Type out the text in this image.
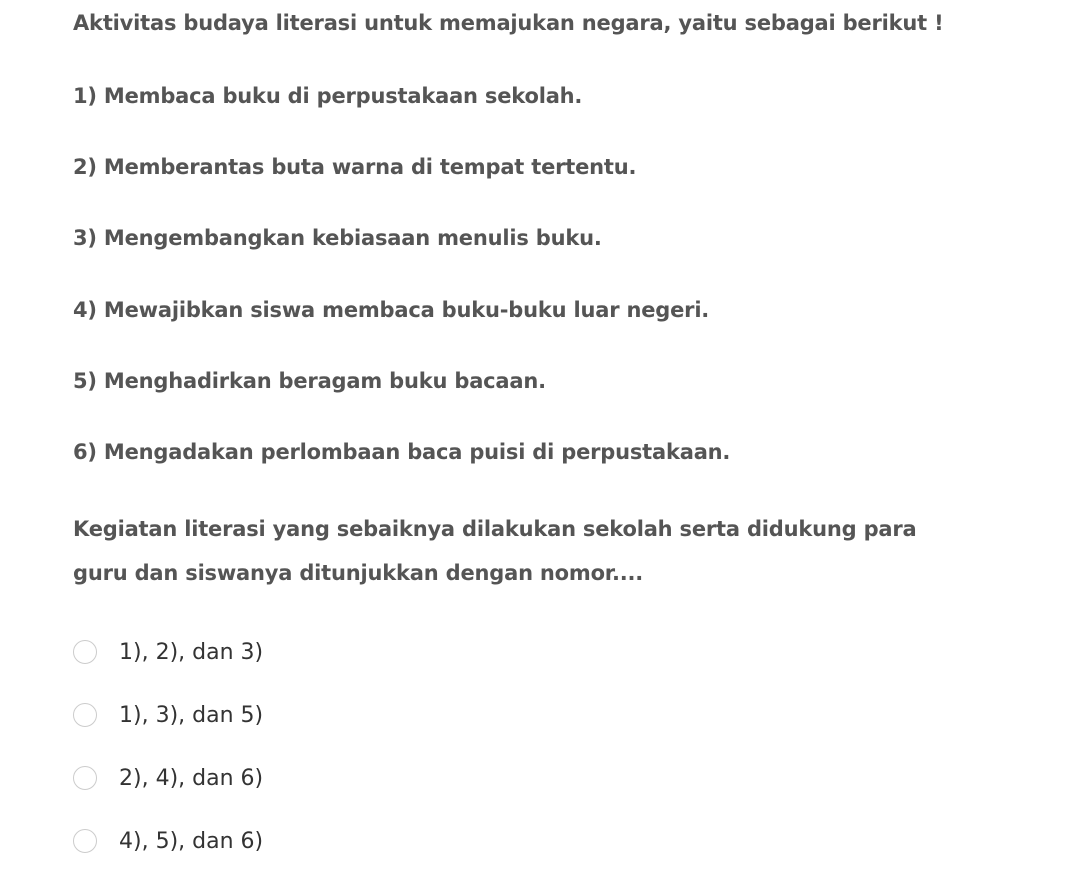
Aktivitas budaya literasi untuk memajukan negara, yaitu sebagai berikut !

1) Membaca buku di perpustakaan sekolah.

2) Memberantas buta warna di tempat tertentu.

3) Mengembangkan kebiasaan menulis buku.

4) Mewajibkan siswa membaca buku-buku luar negeri.

5) Menghadirkan beragam buku bacaan.

6) Mengadakan perlombaan baca puisi di perpustakaan.

Kegiatan literasi yang sebaiknya dilakukan sekolah serta didukung para guru dan siswanya ditunjukkan dengan nomor....

1), 2), dan 3)
1), 3), dan 5)
2), 4), dan 6)
4), 5), dan 6)
